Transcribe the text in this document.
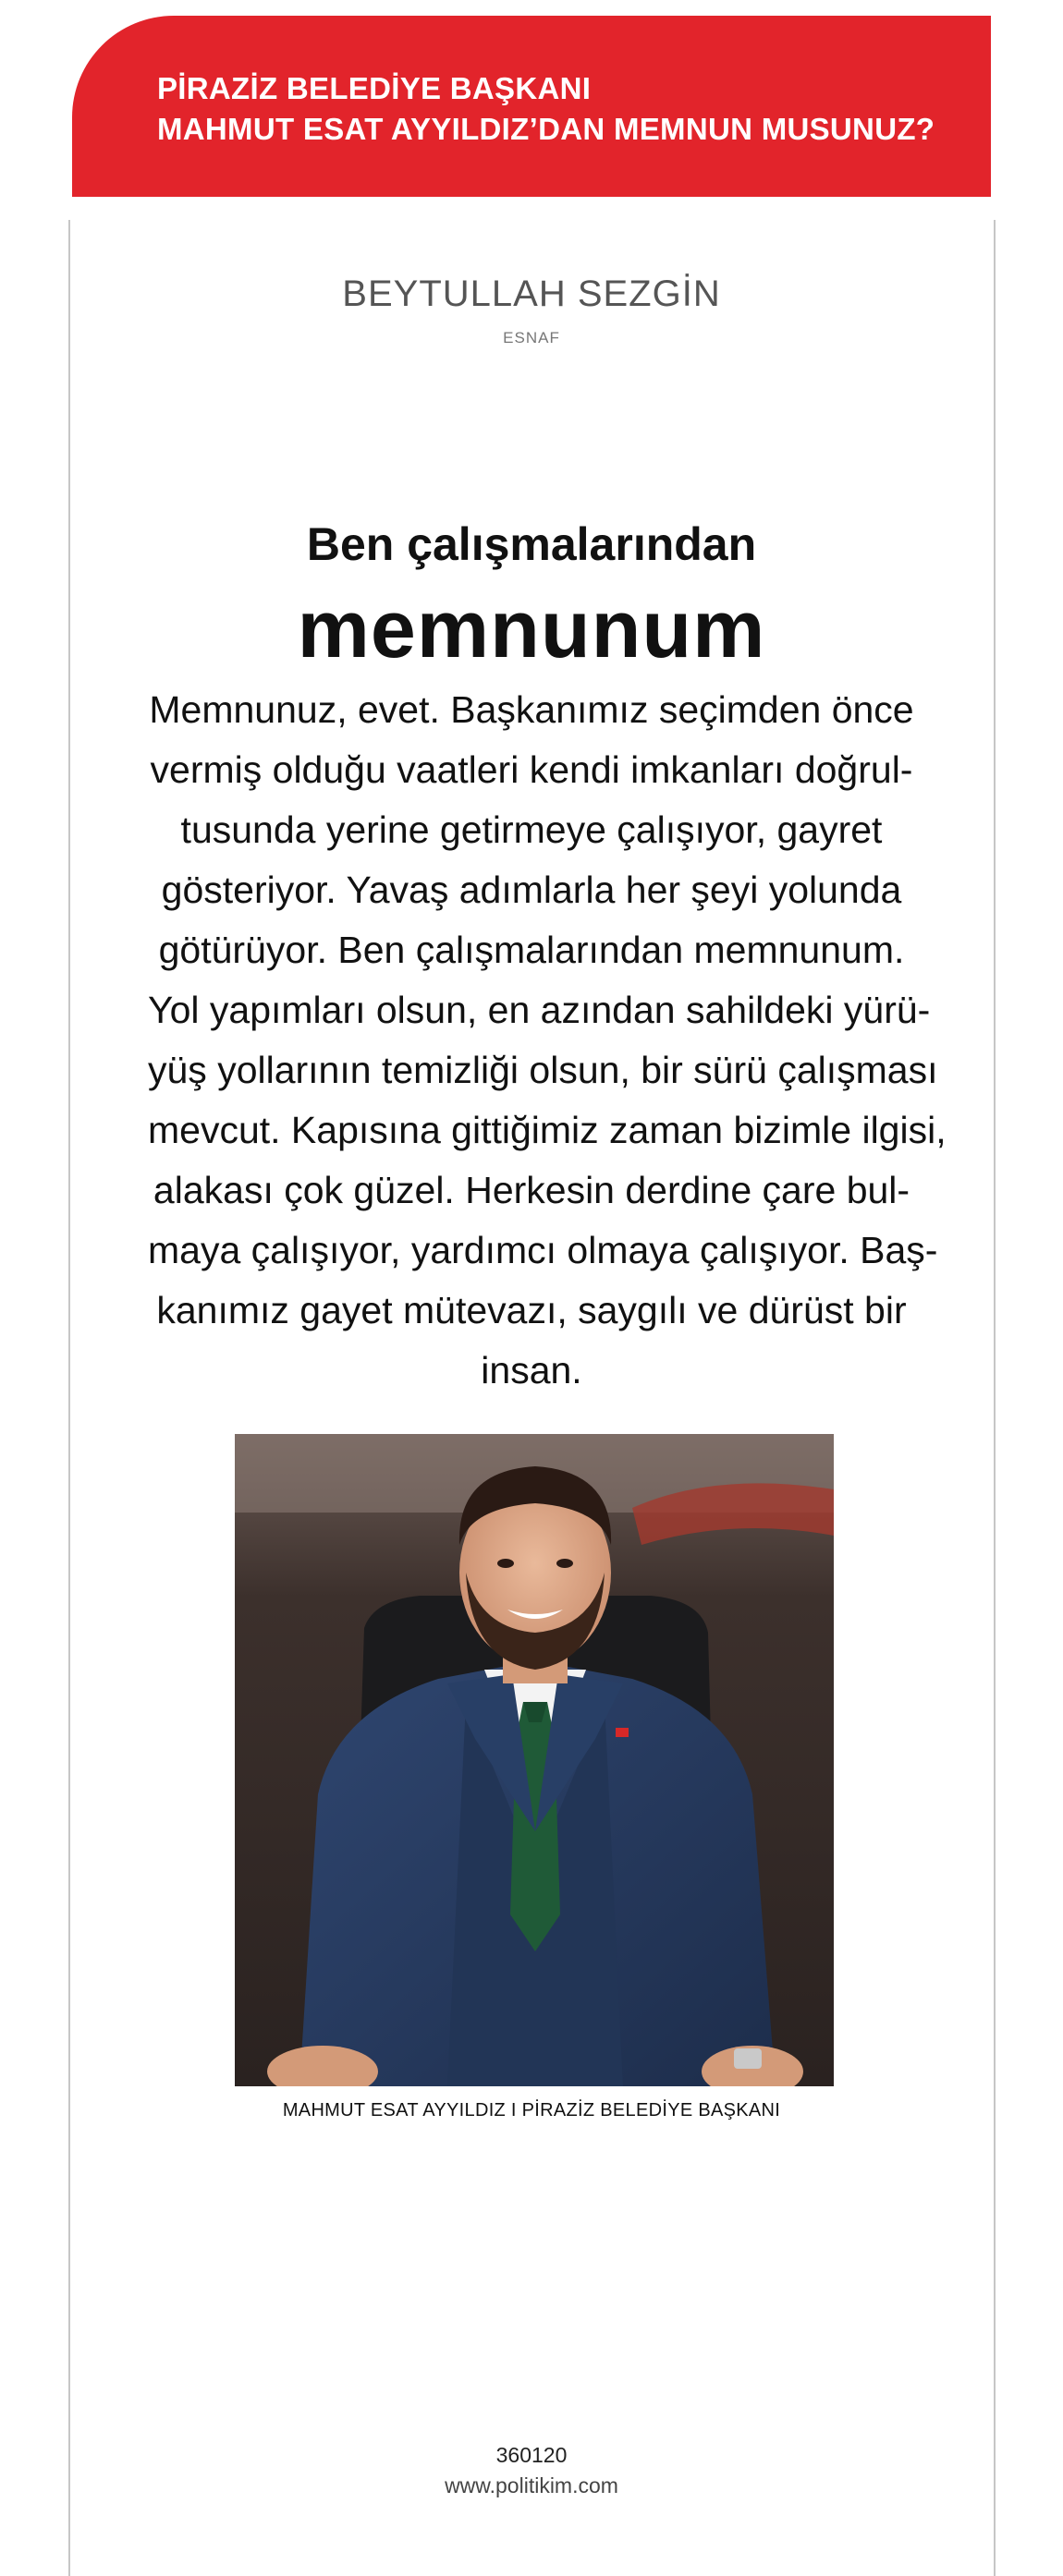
PİRAZİZ BELEDİYE BAŞKANI
MAHMUT ESAT AYYILDIZ’DAN MEMNUN MUSUNUZ?
BEYTULLAH SEZGİN
ESNAF
Ben çalışmalarından
memnunum
Memnunuz, evet. Başkanımız seçimden önce
vermiş olduğu vaatleri kendi imkanları doğrul-
tusunda yerine getirmeye çalışıyor, gayret
gösteriyor. Yavaş adımlarla her şeyi yolunda
götürüyor. Ben çalışmalarından memnunum.
Yol yapımları olsun, en azından sahildeki yürü-
yüş yollarının temizliği olsun, bir sürü çalışması
mevcut. Kapısına gittiğimiz zaman bizimle ilgisi,
alakası çok güzel. Herkesin derdine çare bul-
maya çalışıyor, yardımcı olmaya çalışıyor. Baş-
kanımız gayet mütevazı, saygılı ve dürüst bir
insan.
MAHMUT ESAT AYYILDIZ I PİRAZİZ BELEDİYE BAŞKANI
360120
www.politikim.com
